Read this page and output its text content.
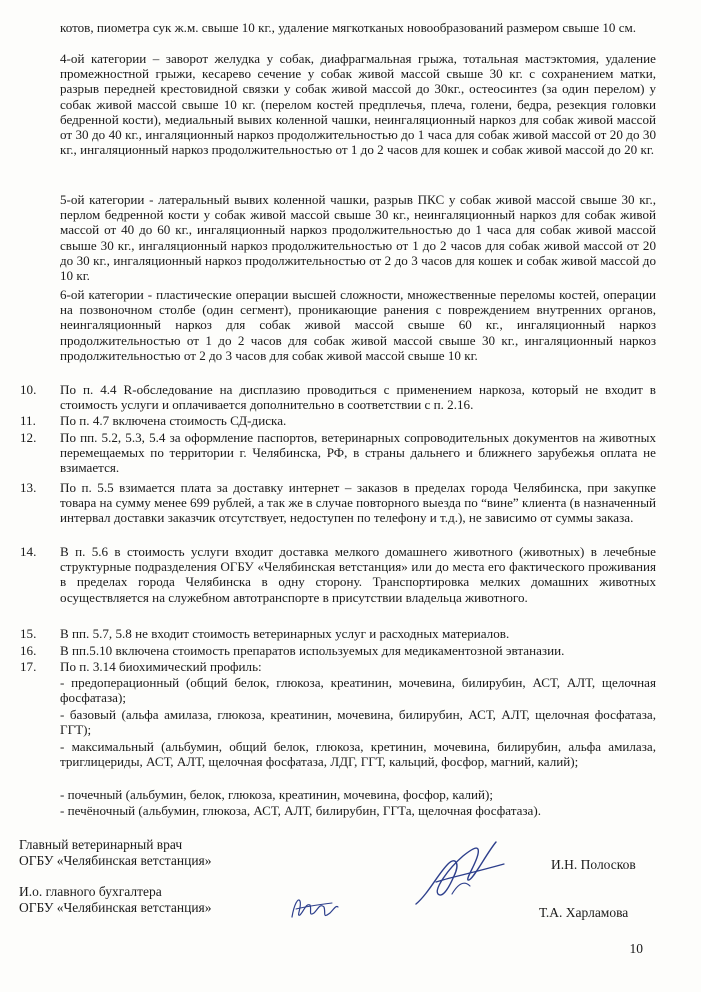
котов, пиометра сук ж.м. свыше 10 кг., удаление мягкотканых новообразований размером свыше 10 см.

4-ой категории – заворот желудка у собак, диафрагмальная грыжа, тотальная мастэктомия, удаление промежностной грыжи, кесарево сечение у собак живой массой свыше 30 кг. с сохранением матки, разрыв передней крестовидной связки у собак живой массой до 30кг., остеосинтез (за один перелом) у собак живой массой свыше 10 кг. (перелом костей предплечья, плеча, голени, бедра, резекция головки бедренной кости), медиальный вывих коленной чашки, неингаляционный наркоз для собак живой массой от 30 до 40 кг., ингаляционный наркоз продолжительностью до 1 часа для собак живой массой от 20 до 30 кг., ингаляционный наркоз продолжительностью от 1 до 2 часов для кошек и собак живой массой до 20 кг.

5-ой категории - латеральный вывих коленной чашки, разрыв ПКС у собак живой массой свыше 30 кг., перлом бедренной кости у собак живой массой свыше 30 кг., неингаляционный наркоз для собак живой массой от 40 до 60 кг., ингаляционный наркоз продолжительностью до 1 часа для собак живой массой свыше 30 кг., ингаляционный наркоз продолжительностью от 1 до 2 часов для собак живой массой от 20 до 30 кг., ингаляционный наркоз продолжительностью от 2 до 3 часов для кошек и собак живой массой до 10 кг.

6-ой категории - пластические операции высшей сложности, множественные переломы костей, операции на позвоночном столбе (один сегмент), проникающие ранения с повреждением внутренних органов, неингаляционный наркоз для собак живой массой свыше 60 кг., ингаляционный наркоз продолжительностью от 1 до 2 часов для собак живой массой свыше 30 кг., ингаляционный наркоз продолжительностью от 2 до 3 часов для собак живой массой свыше 10 кг.

10.	По п. 4.4 R-обследование на дисплазию проводиться с применением наркоза, который не входит в стоимость услуги и оплачивается дополнительно в соответствии с п. 2.16.
11.	По п. 4.7 включена стоимость СД-диска.
12.	По пп. 5.2, 5.3, 5.4 за оформление паспортов, ветеринарных сопроводительных документов на животных перемещаемых по территории г. Челябинска, РФ, в страны дальнего и ближнего зарубежья оплата не взимается.
13.	По п. 5.5 взимается плата за доставку интернет – заказов в пределах города Челябинска, при закупке товара на сумму менее 699 рублей, а так же в случае повторного выезда по “вине” клиента (в назначенный интервал доставки заказчик отсутствует, недоступен по телефону и т.д.), не зависимо от суммы заказа.
14.	В п. 5.6 в стоимость услуги входит доставка мелкого домашнего животного (животных) в лечебные структурные подразделения ОГБУ «Челябинская ветстанция» или до места его фактического проживания в пределах города Челябинска в одну сторону. Транспортировка мелких домашних животных осуществляется на служебном автотранспорте в присутствии владельца животного.
15.	В пп. 5.7, 5.8 не входит стоимость ветеринарных услуг и расходных материалов.
16.	В пп.5.10 включена стоимость препаратов используемых для медикаментозной эвтаназии.
17.	По п. 3.14 биохимический профиль:

- предоперационный (общий белок, глюкоза, креатинин, мочевина, билирубин, АСТ, АЛТ, щелочная фосфатаза);

- базовый (альфа амилаза, глюкоза, креатинин, мочевина, билирубин, АСТ, АЛТ, щелочная фосфатаза, ГГТ);

- максимальный (альбумин, общий белок, глюкоза, кретинин, мочевина, билирубин, альфа амилаза, триглицериды, АСТ, АЛТ, щелочная фосфатаза, ЛДГ, ГГТ, кальций, фосфор, магний, калий);

- почечный (альбумин, белок, глюкоза, креатинин, мочевина, фосфор, калий);

- печёночный (альбумин, глюкоза, АСТ, АЛТ, билирубин, ГГТа, щелочная фосфатаза).

Главный ветеринарный врач
ОГБУ «Челябинская ветстанция»	И.Н. Полосков
И.о. главного бухгалтера
ОГБУ «Челябинская ветстанция»	Т.А. Харламова
10
